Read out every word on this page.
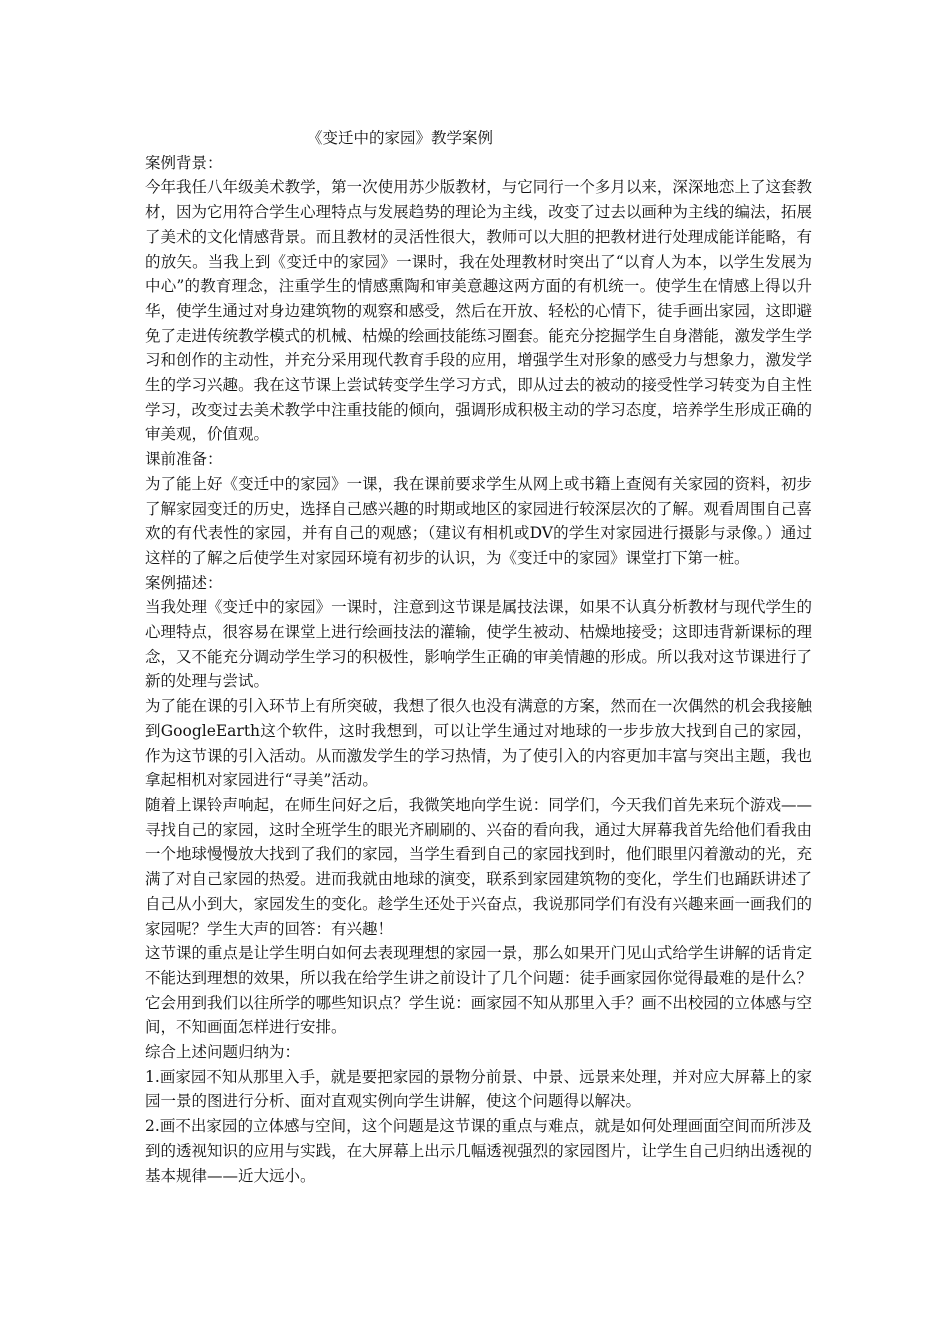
《变迁中的家园》教学案例

案例背景：

今年我任八年级美术教学，第一次使用苏少版教材，与它同行一个多月以来，深深地恋上了这套教材，因为它用符合学生心理特点与发展趋势的理论为主线，改变了过去以画种为主线的编法，拓展了美术的文化情感背景。而且教材的灵活性很大，教师可以大胆的把教材进行处理成能详能略，有的放矢。当我上到《变迁中的家园》一课时，我在处理教材时突出了“以育人为本，以学生发展为中心”的教育理念，注重学生的情感熏陶和审美意趣这两方面的有机统一。使学生在情感上得以升华，使学生通过对身边建筑物的观察和感受，然后在开放、轻松的心情下，徒手画出家园，这即避免了走进传统教学模式的机械、枯燥的绘画技能练习圈套。能充分挖掘学生自身潜能，激发学生学习和创作的主动性，并充分采用现代教育手段的应用，增强学生对形象的感受力与想象力，激发学生的学习兴趣。我在这节课上尝试转变学生学习方式，即从过去的被动的接受性学习转变为自主性学习，改变过去美术教学中注重技能的倾向，强调形成积极主动的学习态度，培养学生形成正确的审美观，价值观。

课前准备：

为了能上好《变迁中的家园》一课，我在课前要求学生从网上或书籍上查阅有关家园的资料，初步了解家园变迁的历史，选择自己感兴趣的时期或地区的家园进行较深层次的了解。观看周围自己喜欢的有代表性的家园，并有自己的观感；（建议有相机或DV的学生对家园进行摄影与录像。）通过这样的了解之后使学生对家园环境有初步的认识，为《变迁中的家园》课堂打下第一桩。

案例描述：

当我处理《变迁中的家园》一课时，注意到这节课是属技法课，如果不认真分析教材与现代学生的心理特点，很容易在课堂上进行绘画技法的灌输，使学生被动、枯燥地接受；这即违背新课标的理念，又不能充分调动学生学习的积极性，影响学生正确的审美情趣的形成。所以我对这节课进行了新的处理与尝试。

为了能在课的引入环节上有所突破，我想了很久也没有满意的方案，然而在一次偶然的机会我接触到GoogleEarth这个软件，这时我想到，可以让学生通过对地球的一步步放大找到自己的家园，作为这节课的引入活动。从而激发学生的学习热情，为了使引入的内容更加丰富与突出主题，我也拿起相机对家园进行“寻美”活动。

随着上课铃声响起，在师生问好之后，我微笑地向学生说：同学们，今天我们首先来玩个游戏——寻找自己的家园，这时全班学生的眼光齐刷刷的、兴奋的看向我，通过大屏幕我首先给他们看我由一个地球慢慢放大找到了我们的家园，当学生看到自己的家园找到时，他们眼里闪着激动的光，充满了对自己家园的热爱。进而我就由地球的演变，联系到家园建筑物的变化，学生们也踊跃讲述了自己从小到大，家园发生的变化。趁学生还处于兴奋点，我说那同学们有没有兴趣来画一画我们的家园呢？学生大声的回答：有兴趣！

这节课的重点是让学生明白如何去表现理想的家园一景，那么如果开门见山式给学生讲解的话肯定不能达到理想的效果，所以我在给学生讲之前设计了几个问题：徒手画家园你觉得最难的是什么？它会用到我们以往所学的哪些知识点？学生说：画家园不知从那里入手？画不出校园的立体感与空间，不知画面怎样进行安排。

综合上述问题归纳为：

1.画家园不知从那里入手，就是要把家园的景物分前景、中景、远景来处理，并对应大屏幕上的家园一景的图进行分析、面对直观实例向学生讲解，使这个问题得以解决。

2.画不出家园的立体感与空间，这个问题是这节课的重点与难点，就是如何处理画面空间而所涉及到的透视知识的应用与实践，在大屏幕上出示几幅透视强烈的家园图片，让学生自己归纳出透视的基本规律——近大远小。
